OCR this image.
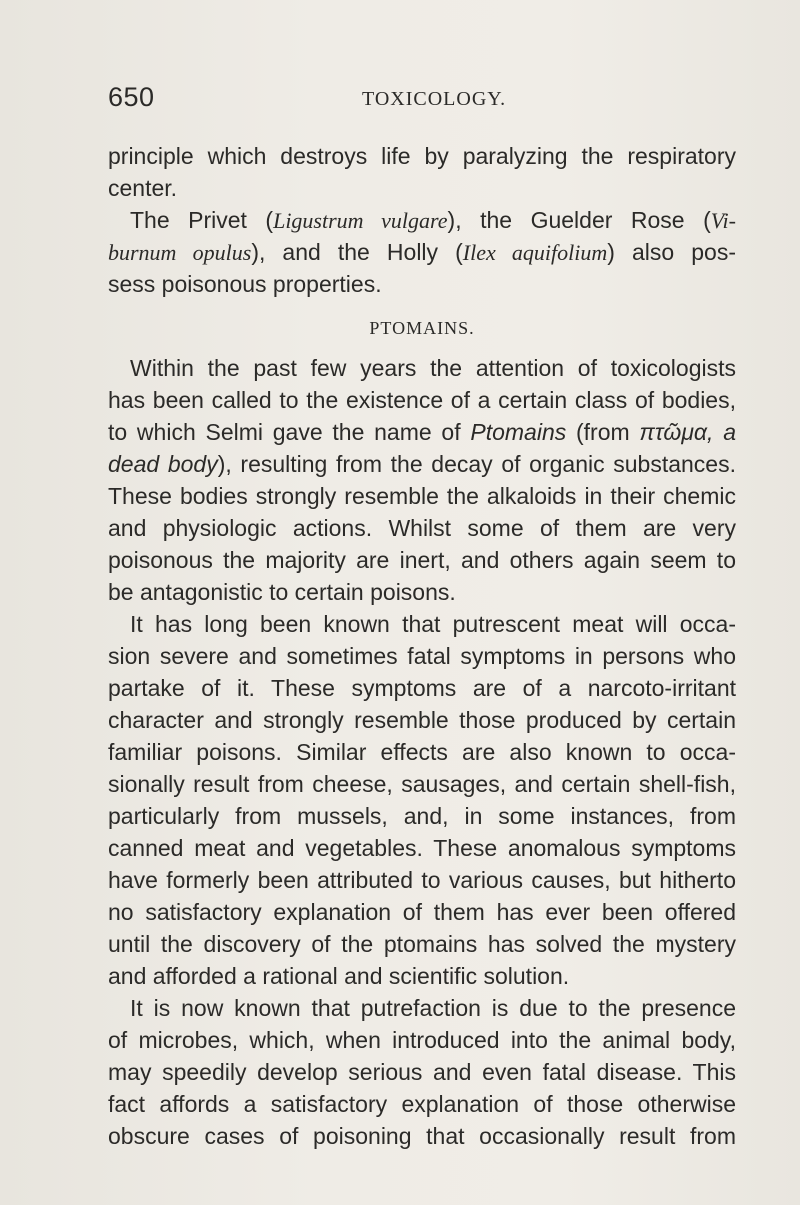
650	TOXICOLOGY.
principle which destroys life by paralyzing the respiratory
center.
The Privet (Ligustrum vulgare), the Guelder Rose (Vi-
burnum opulus), and the Holly (Ilex aquifolium) also pos-
sess poisonous properties.
PTOMAINS.
Within the past few years the attention of toxicologists
has been called to the existence of a certain class of bodies,
to which Selmi gave the name of Ptomains (from πτῶμα, a
dead body), resulting from the decay of organic substances.
These bodies strongly resemble the alkaloids in their chemic
and physiologic actions. Whilst some of them are very
poisonous the majority are inert, and others again seem to
be antagonistic to certain poisons.
It has long been known that putrescent meat will occa-
sion severe and sometimes fatal symptoms in persons who
partake of it. These symptoms are of a narcoto-irritant
character and strongly resemble those produced by certain
familiar poisons. Similar effects are also known to occa-
sionally result from cheese, sausages, and certain shell-fish,
particularly from mussels, and, in some instances, from
canned meat and vegetables. These anomalous symptoms
have formerly been attributed to various causes, but hitherto
no satisfactory explanation of them has ever been offered
until the discovery of the ptomains has solved the mystery
and afforded a rational and scientific solution.
It is now known that putrefaction is due to the presence
of microbes, which, when introduced into the animal body,
may speedily develop serious and even fatal disease. This
fact affords a satisfactory explanation of those otherwise
obscure cases of poisoning that occasionally result from
